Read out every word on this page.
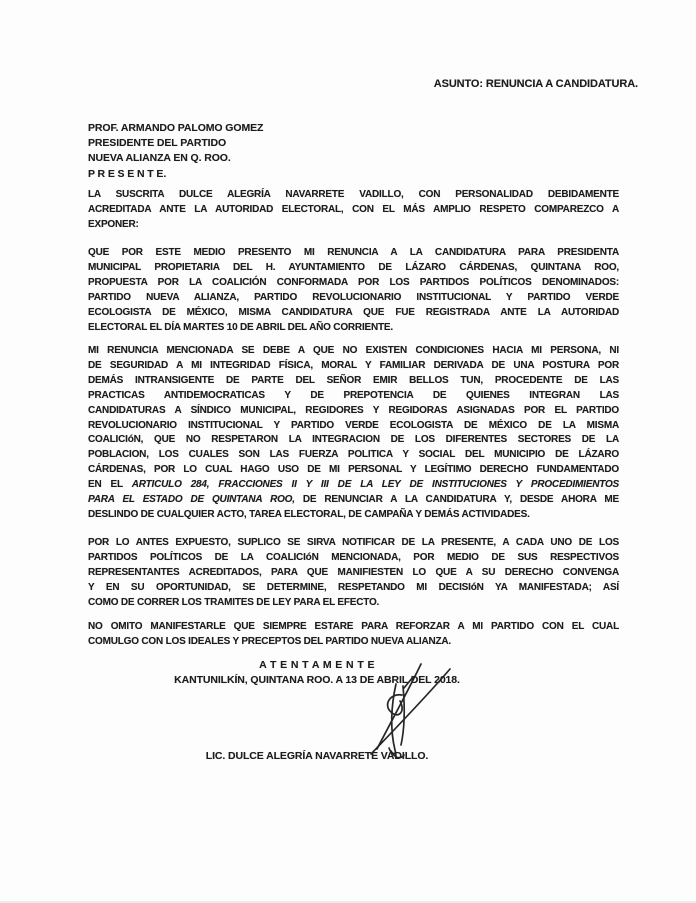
ASUNTO: RENUNCIA A CANDIDATURA.
PROF. ARMANDO PALOMO GOMEZ
PRESIDENTE DEL PARTIDO
NUEVA ALIANZA EN Q. ROO.
P R E S E N T E.
LA SUSCRITA DULCE ALEGRÍA NAVARRETE VADILLO, CON PERSONALIDAD DEBIDAMENTE
ACREDITADA ANTE LA AUTORIDAD ELECTORAL, CON EL MÁS AMPLIO RESPETO COMPAREZCO A
EXPONER:
QUE POR ESTE MEDIO PRESENTO MI RENUNCIA A LA CANDIDATURA PARA PRESIDENTA
MUNICIPAL PROPIETARIA DEL H. AYUNTAMIENTO DE LÁZARO CÁRDENAS, QUINTANA ROO,
PROPUESTA POR LA COALICIÓN CONFORMADA POR LOS PARTIDOS POLÍTICOS DENOMINADOS:
PARTIDO NUEVA ALIANZA, PARTIDO REVOLUCIONARIO INSTITUCIONAL Y PARTIDO VERDE
ECOLOGISTA DE MÉXICO, MISMA CANDIDATURA QUE FUE REGISTRADA ANTE LA AUTORIDAD
ELECTORAL EL DÍA MARTES 10 DE ABRIL DEL AÑO CORRIENTE.
MI RENUNCIA MENCIONADA SE DEBE A QUE NO EXISTEN CONDICIONES HACIA MI PERSONA, NI
DE SEGURIDAD A MI INTEGRIDAD FÍSICA, MORAL Y FAMILIAR DERIVADA DE UNA POSTURA POR
DEMÁS INTRANSIGENTE DE PARTE DEL SEÑOR EMIR BELLOS TUN, PROCEDENTE DE LAS
PRACTICAS ANTIDEMOCRATICAS Y DE PREPOTENCIA DE QUIENES INTEGRAN LAS
CANDIDATURAS A SÍNDICO MUNICIPAL, REGIDORES Y REGIDORAS ASIGNADAS POR EL PARTIDO
REVOLUCIONARIO INSTITUCIONAL Y PARTIDO VERDE ECOLOGISTA DE MÉXICO DE LA MISMA
COALICIóN, QUE NO RESPETARON LA INTEGRACION DE LOS DIFERENTES SECTORES DE LA
POBLACION, LOS CUALES SON LAS FUERZA POLITICA Y SOCIAL DEL MUNICIPIO DE LÁZARO
CÁRDENAS, POR LO CUAL HAGO USO DE MI PERSONAL Y LEGÍTIMO DERECHO FUNDAMENTADO
EN EL ARTICULO 284, FRACCIONES II Y III DE LA LEY DE INSTITUCIONES Y PROCEDIMIENTOS
PARA EL ESTADO DE QUINTANA ROO, DE RENUNCIAR A LA CANDIDATURA Y, DESDE AHORA ME
DESLINDO DE CUALQUIER ACTO, TAREA ELECTORAL, DE CAMPAÑA Y DEMÁS ACTIVIDADES.
POR LO ANTES EXPUESTO, SUPLICO SE SIRVA NOTIFICAR DE LA PRESENTE, A CADA UNO DE LOS
PARTIDOS POLÍTICOS DE LA COALICIóN MENCIONADA, POR MEDIO DE SUS RESPECTIVOS
REPRESENTANTES ACREDITADOS, PARA QUE MANIFIESTEN LO QUE A SU DERECHO CONVENGA
Y EN SU OPORTUNIDAD, SE DETERMINE, RESPETANDO MI DECISIóN YA MANIFESTADA; ASÍ
COMO DE CORRER LOS TRAMITES DE LEY PARA EL EFECTO.
NO OMITO MANIFESTARLE QUE SIEMPRE ESTARE PARA REFORZAR A MI PARTIDO CON EL CUAL
COMULGO CON LOS IDEALES Y PRECEPTOS DEL PARTIDO NUEVA ALIANZA.
A T E N T A M E N T E
KANTUNILKÍN, QUINTANA ROO. A 13 DE ABRIL DEL 2018.
LIC. DULCE ALEGRÍA NAVARRETE VADILLO.
